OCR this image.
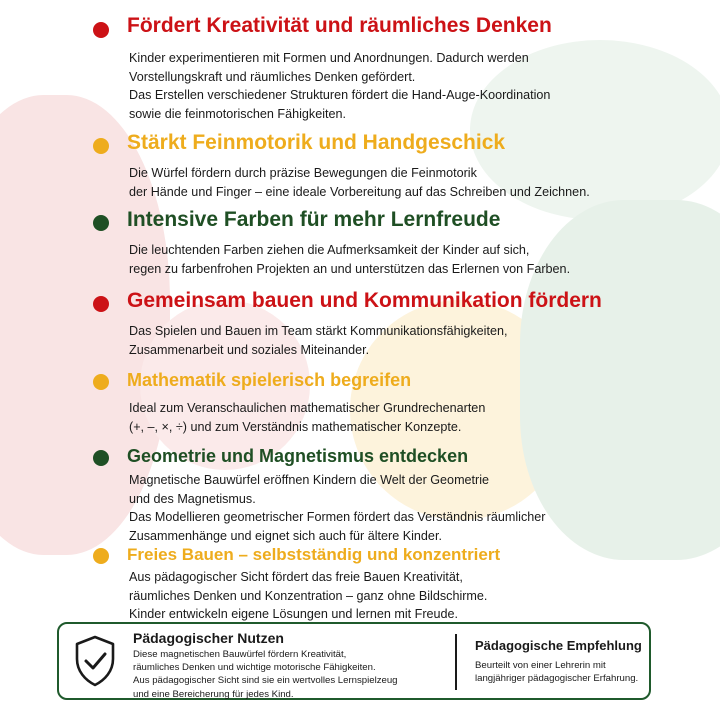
Fördert Kreativität und räumliches Denken
Kinder experimentieren mit Formen und Anordnungen. Dadurch werden
Vorstellungskraft und räumliches Denken gefördert.
Das Erstellen verschiedener Strukturen fördert die Hand-Auge-Koordination
sowie die feinmotorischen Fähigkeiten.
Stärkt Feinmotorik und Handgeschick
Die Würfel fördern durch präzise Bewegungen die Feinmotorik
der Hände und Finger – eine ideale Vorbereitung auf das Schreiben und Zeichnen.
Intensive Farben für mehr Lernfreude
Die leuchtenden Farben ziehen die Aufmerksamkeit der Kinder auf sich,
regen zu farbenfrohen Projekten an und unterstützen das Erlernen von Farben.
Gemeinsam bauen und Kommunikation fördern
Das Spielen und Bauen im Team stärkt Kommunikationsfähigkeiten,
Zusammenarbeit und soziales Miteinander.
Mathematik spielerisch begreifen
Ideal zum Veranschaulichen mathematischer Grundrechenarten
(+, –, ×, ÷) und zum Verständnis mathematischer Konzepte.
Geometrie und Magnetismus entdecken
Magnetische Bauwürfel eröffnen Kindern die Welt der Geometrie
und des Magnetismus.
Das Modellieren geometrischer Formen fördert das Verständnis räumlicher
Zusammenhänge und eignet sich auch für ältere Kinder.
Freies Bauen – selbstständig und konzentriert
Aus pädagogischer Sicht fördert das freie Bauen Kreativität,
räumliches Denken und Konzentration – ganz ohne Bildschirme.
Kinder entwickeln eigene Lösungen und lernen mit Freude.
Pädagogischer Nutzen
Diese magnetischen Bauwürfel fördern Kreativität,
räumliches Denken und wichtige motorische Fähigkeiten.
Aus pädagogischer Sicht sind sie ein wertvolles Lernspielzeug
und eine Bereicherung für jedes Kind.
Pädagogische Empfehlung
Beurteilt von einer Lehrerin mit
langjähriger pädagogischer Erfahrung.
